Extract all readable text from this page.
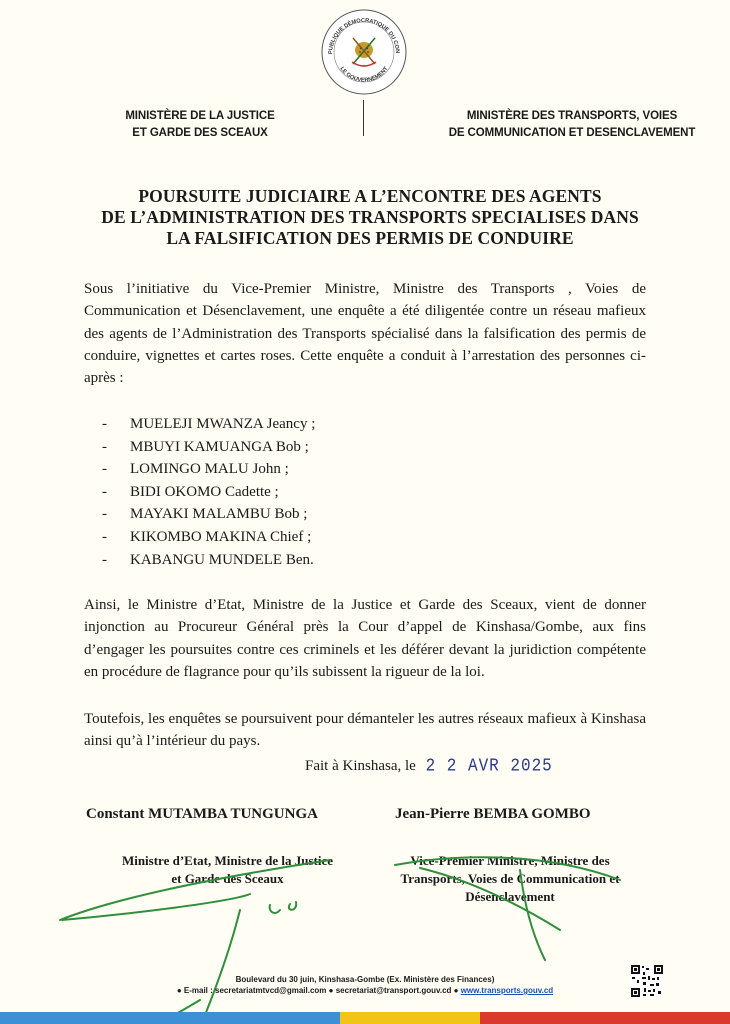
PUBLIQUE DÉMOCRATIQUE DU CON
LE GOUVERNEMENT
MINISTÈRE DE LA JUSTICE
ET GARDE DES SCEAUX
MINISTÈRE DES TRANSPORTS, VOIES
DE COMMUNICATION ET DESENCLAVEMENT
POURSUITE JUDICIAIRE A L’ENCONTRE DES AGENTS
DE L’ADMINISTRATION DES TRANSPORTS SPECIALISES DANS
LA FALSIFICATION DES PERMIS DE CONDUIRE
Sous l’initiative du Vice-Premier Ministre, Ministre des Transports , Voies de Communication et Désenclavement, une enquête a été diligentée contre un réseau mafieux des agents de l’Administration des Transports spécialisé dans la falsification des permis de conduire, vignettes et cartes roses. Cette enquête a conduit à l’arrestation des personnes ci-après :
-	MUELEJI MWANZA Jeancy ;
-	MBUYI KAMUANGA Bob ;
-	LOMINGO MALU John ;
-	BIDI OKOMO Cadette ;
-	MAYAKI MALAMBU Bob ;
-	KIKOMBO MAKINA Chief ;
-	KABANGU MUNDELE Ben.
Ainsi, le Ministre d’Etat, Ministre de la Justice et Garde des Sceaux, vient de donner injonction au Procureur Général près la Cour d’appel de Kinshasa/Gombe, aux fins d’engager les poursuites contre ces criminels et les déférer devant la juridiction compétente en procédure de flagrance pour qu’ils subissent la rigueur de la loi.
Toutefois, les enquêtes se poursuivent pour démanteler les autres réseaux mafieux à Kinshasa ainsi qu’à l’intérieur du pays.
Fait à Kinshasa, le 2 2 AVR 2025
Constant MUTAMBA TUNGUNGA	Jean-Pierre BEMBA GOMBO
Ministre d’Etat, Ministre de la Justice
et Garde des Sceaux
Vice-Premier Ministre, Ministre des
Transports, Voies de Communication et
Désenclavement
Boulevard du 30 juin, Kinshasa-Gombe (Ex. Ministère des Finances)
● E-mail : secretariatmtvcd@gmail.com ● secretariat@transport.gouv.cd ● www.transports.gouv.cd
